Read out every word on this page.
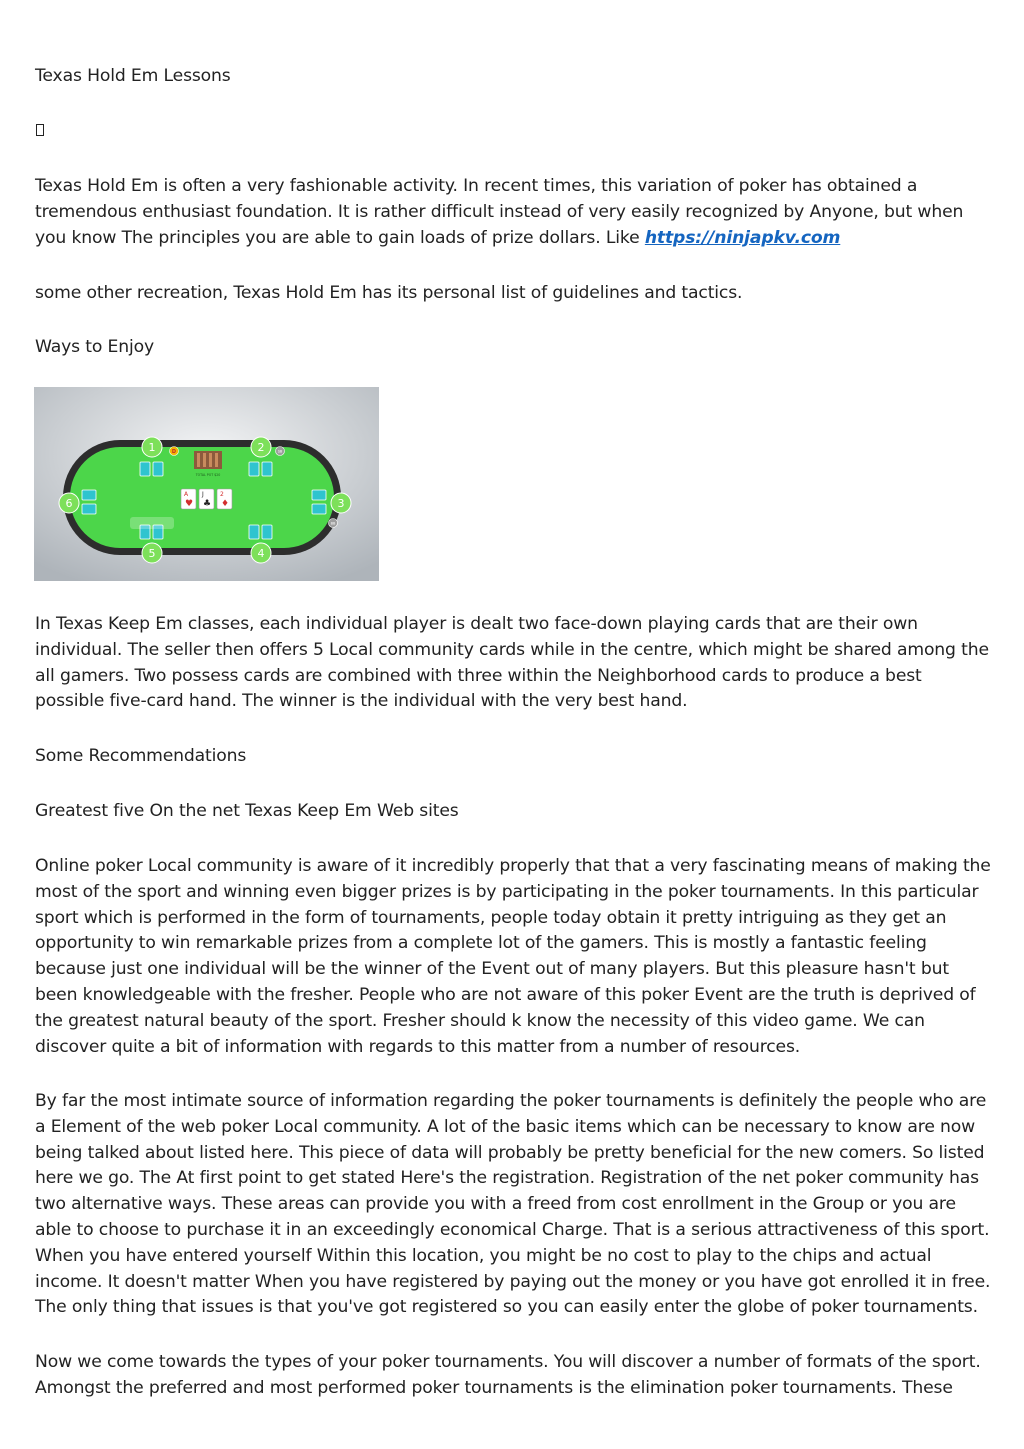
Texas Hold Em Lessons

Texas Hold Em is often a very fashionable activity. In recent times, this variation of poker has obtained a tremendous enthusiast foundation. It is rather difficult instead of very easily recognized by Anyone, but when you know The principles you are able to gain loads of prize dollars. Like https://ninjapkv.com

some other recreation, Texas Hold Em has its personal list of guidelines and tactics.

Ways to Enjoy

TOTAL POT $20
A
♥
J
♣
2
♦
1	2
3
4
5
6
D	SB
BB

In Texas Keep Em classes, each individual player is dealt two face-down playing cards that are their own individual. The seller then offers 5 Local community cards while in the centre, which might be shared among the all gamers. Two possess cards are combined with three within the Neighborhood cards to produce a best possible five-card hand. The winner is the individual with the very best hand.

Some Recommendations

Greatest five On the net Texas Keep Em Web sites

Online poker Local community is aware of it incredibly properly that that a very fascinating means of making the most of the sport and winning even bigger prizes is by participating in the poker tournaments. In this particular sport which is performed in the form of tournaments, people today obtain it pretty intriguing as they get an opportunity to win remarkable prizes from a complete lot of the gamers. This is mostly a fantastic feeling because just one individual will be the winner of the Event out of many players. But this pleasure hasn't but been knowledgeable with the fresher. People who are not aware of this poker Event are the truth is deprived of the greatest natural beauty of the sport. Fresher should k know the necessity of this video game. We can discover quite a bit of information with regards to this matter from a number of resources.

By far the most intimate source of information regarding the poker tournaments is definitely the people who are a Element of the web poker Local community. A lot of the basic items which can be necessary to know are now being talked about listed here. This piece of data will probably be pretty beneficial for the new comers. So listed here we go. The At first point to get stated Here's the registration. Registration of the net poker community has two alternative ways. These areas can provide you with a freed from cost enrollment in the Group or you are able to choose to purchase it in an exceedingly economical Charge. That is a serious attractiveness of this sport. When you have entered yourself Within this location, you might be no cost to play to the chips and actual income. It doesn't matter When you have registered by paying out the money or you have got enrolled it in free. The only thing that issues is that you've got registered so you can easily enter the globe of poker tournaments.

Now we come towards the types of your poker tournaments. You will discover a number of formats of the sport. Amongst the preferred and most performed poker tournaments is the elimination poker tournaments. These
